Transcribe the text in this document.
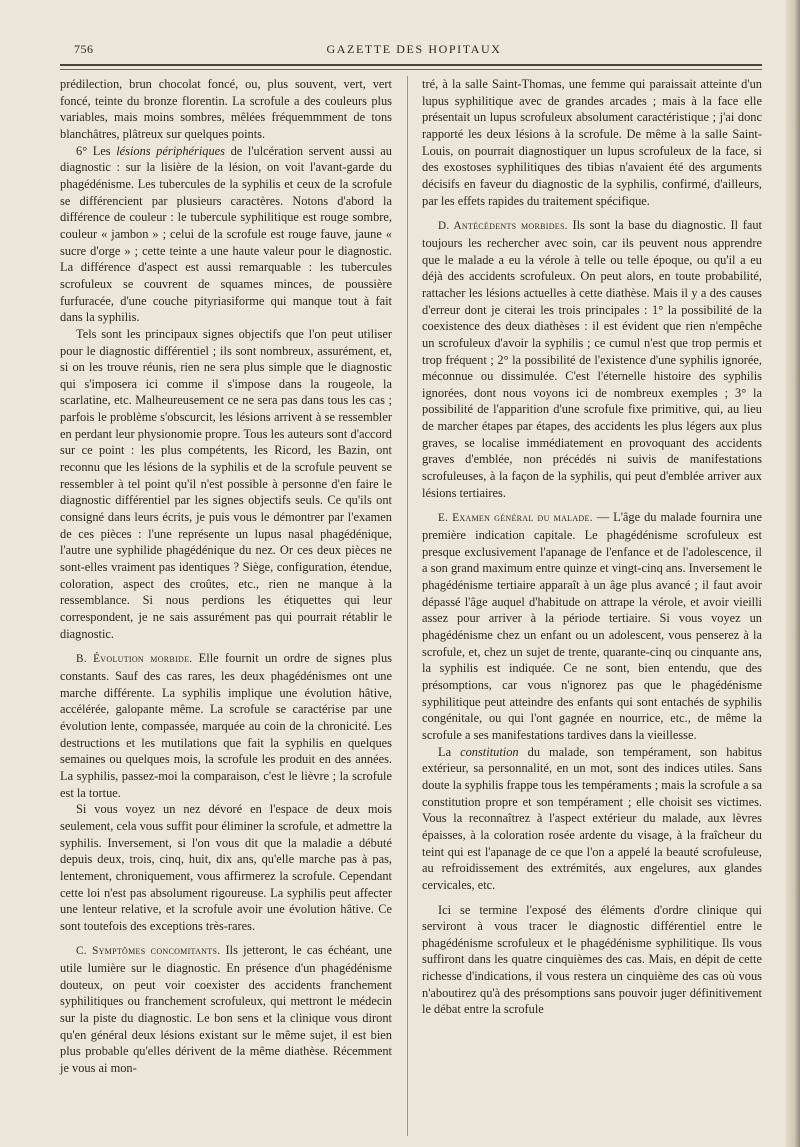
756	GAZETTE DES HOPITAUX

prédilection, brun chocolat foncé, ou, plus souvent, vert, vert foncé, teinte du bronze florentin. La scrofule a des couleurs plus variables, mais moins sombres, mêlées fréquemmment de tons blanchâtres, plâtreux sur quelques points.

6° Les lésions périphériques de l'ulcération servent aussi au diagnostic : sur la lisière de la lésion, on voit l'avant-garde du phagédénisme. Les tubercules de la syphilis et ceux de la scrofule se différencient par plusieurs caractères. Notons d'abord la différence de couleur : le tubercule syphilitique est rouge sombre, couleur « jambon » ; celui de la scrofule est rouge fauve, jaune « sucre d'orge » ; cette teinte a une haute valeur pour le diagnostic. La différence d'aspect est aussi remarquable : les tubercules scrofuleux se couvrent de squames minces, de poussière furfuracée, d'une couche pityriasiforme qui manque tout à fait dans la syphilis.

Tels sont les principaux signes objectifs que l'on peut utiliser pour le diagnostic différentiel ; ils sont nombreux, assurément, et, si on les trouve réunis, rien ne sera plus simple que le diagnostic qui s'imposera ici comme il s'impose dans la rougeole, la scarlatine, etc. Malheureusement ce ne sera pas dans tous les cas ; parfois le problème s'obscurcit, les lésions arrivent à se ressembler en perdant leur physionomie propre. Tous les auteurs sont d'accord sur ce point : les plus compétents, les Ricord, les Bazin, ont reconnu que les lésions de la syphilis et de la scrofule peuvent se ressembler à tel point qu'il n'est possible à personne d'en faire le diagnostic différentiel par les signes objectifs seuls. Ce qu'ils ont consigné dans leurs écrits, je puis vous le démontrer par l'examen de ces pièces : l'une représente un lupus nasal phagédénique, l'autre une syphilide phagédénique du nez. Or ces deux pièces ne sont-elles vraiment pas identiques ? Siège, configuration, étendue, coloration, aspect des croûtes, etc., rien ne manque à la ressemblance. Si nous perdions les étiquettes qui leur correspondent, je ne sais assurément pas qui pourrait rétablir le diagnostic.

B. Évolution morbide. Elle fournit un ordre de signes plus constants. Sauf des cas rares, les deux phagédénismes ont une marche différente. La syphilis implique une évolution hâtive, accélérée, galopante même. La scrofule se caractérise par une évolution lente, compassée, marquée au coin de la chronicité. Les destructions et les mutilations que fait la syphilis en quelques semaines ou quelques mois, la scrofule les produit en des années. La syphilis, passez-moi la comparaison, c'est le lièvre ; la scrofule est la tortue.

Si vous voyez un nez dévoré en l'espace de deux mois seulement, cela vous suffit pour éliminer la scrofule, et admettre la syphilis. Inversement, si l'on vous dit que la maladie a débuté depuis deux, trois, cinq, huit, dix ans, qu'elle marche pas à pas, lentement, chroniquement, vous affirmerez la scrofule. Cependant cette loi n'est pas absolument rigoureuse. La syphilis peut affecter une lenteur relative, et la scrofule avoir une évolution hâtive. Ce sont toutefois des exceptions très-rares.

C. Symptômes concomitants. Ils jetteront, le cas échéant, une utile lumière sur le diagnostic. En présence d'un phagédénisme douteux, on peut voir coexister des accidents franchement syphilitiques ou franchement scrofuleux, qui mettront le médecin sur la piste du diagnostic. Le bon sens et la clinique vous diront qu'en général deux lésions existant sur le même sujet, il est bien plus probable qu'elles dérivent de la même diathèse. Récemment je vous ai mon-

tré, à la salle Saint-Thomas, une femme qui paraissait atteinte d'un lupus syphilitique avec de grandes arcades ; mais à la face elle présentait un lupus scrofuleux absolument caractéristique ; j'ai donc rapporté les deux lésions à la scrofule. De même à la salle Saint-Louis, on pourrait diagnostiquer un lupus scrofuleux de la face, si des exostoses syphilitiques des tibias n'avaient été des arguments décisifs en faveur du diagnostic de la syphilis, confirmé, d'ailleurs, par les effets rapides du traitement spécifique.

D. Antécédents morbides. Ils sont la base du diagnostic. Il faut toujours les rechercher avec soin, car ils peuvent nous apprendre que le malade a eu la vérole à telle ou telle époque, ou qu'il a eu déjà des accidents scrofuleux. On peut alors, en toute probabilité, rattacher les lésions actuelles à cette diathèse. Mais il y a des causes d'erreur dont je citerai les trois principales : 1° la possibilité de la coexistence des deux diathèses : il est évident que rien n'empêche un scrofuleux d'avoir la syphilis ; ce cumul n'est que trop permis et trop fréquent ; 2° la possibilité de l'existence d'une syphilis ignorée, méconnue ou dissimulée. C'est l'éternelle histoire des syphilis ignorées, dont nous voyons ici de nombreux exemples ; 3° la possibilité de l'apparition d'une scrofule fixe primitive, qui, au lieu de marcher étapes par étapes, des accidents les plus légers aux plus graves, se localise immédiatement en provoquant des accidents graves d'emblée, non précédés ni suivis de manifestations scrofuleuses, à la façon de la syphilis, qui peut d'emblée arriver aux lésions tertiaires.

E. Examen général du malade. — L'âge du malade fournira une première indication capitale. Le phagédénisme scrofuleux est presque exclusivement l'apanage de l'enfance et de l'adolescence, il a son grand maximum entre quinze et vingt-cinq ans. Inversement le phagédénisme tertiaire apparaît à un âge plus avancé ; il faut avoir dépassé l'âge auquel d'habitude on attrape la vérole, et avoir vieilli assez pour arriver à la période tertiaire. Si vous voyez un phagédénisme chez un enfant ou un adolescent, vous penserez à la scrofule, et, chez un sujet de trente, quarante-cinq ou cinquante ans, la syphilis est indiquée. Ce ne sont, bien entendu, que des présomptions, car vous n'ignorez pas que le phagédénisme syphilitique peut atteindre des enfants qui sont entachés de syphilis congénitale, ou qui l'ont gagnée en nourrice, etc., de même la scrofule a ses manifestations tardives dans la vieillesse.

La constitution du malade, son tempérament, son habitus extérieur, sa personnalité, en un mot, sont des indices utiles. Sans doute la syphilis frappe tous les tempéraments ; mais la scrofule a sa constitution propre et son tempérament ; elle choisit ses victimes. Vous la reconnaîtrez à l'aspect extérieur du malade, aux lèvres épaisses, à la coloration rosée ardente du visage, à la fraîcheur du teint qui est l'apanage de ce que l'on a appelé la beauté scrofuleuse, au refroidissement des extrémités, aux engelures, aux glandes cervicales, etc.

Ici se termine l'exposé des éléments d'ordre clinique qui serviront à vous tracer le diagnostic différentiel entre le phagédénisme scrofuleux et le phagédénisme syphilitique. Ils vous suffiront dans les quatre cinquièmes des cas. Mais, en dépit de cette richesse d'indications, il vous restera un cinquième des cas où vous n'aboutirez qu'à des présomptions sans pouvoir juger définitivement le débat entre la scrofule
